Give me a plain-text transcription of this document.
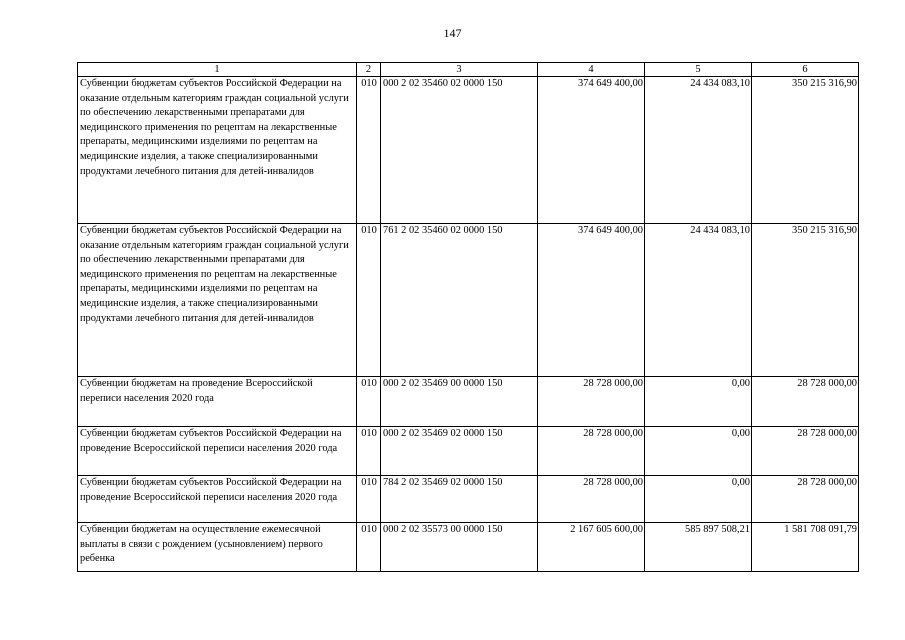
147
1	2	3	4	5	6
Субвенции бюджетам субъектов Российской Федерации на оказание отдельным категориям граждан социальной услуги по обеспечению лекарственными препаратами для медицинского применения по рецептам на лекарственные препараты, медицинскими изделиями по рецептам на медицинские изделия, а также специализированными продуктами лечебного питания для детей-инвалидов	010	000 2 02 35460 02 0000 150	374 649 400,00	24 434 083,10	350 215 316,90
Субвенции бюджетам субъектов Российской Федерации на оказание отдельным категориям граждан социальной услуги по обеспечению лекарственными препаратами для медицинского применения по рецептам на лекарственные препараты, медицинскими изделиями по рецептам на медицинские изделия, а также специализированными продуктами лечебного питания для детей-инвалидов	010	761 2 02 35460 02 0000 150	374 649 400,00	24 434 083,10	350 215 316,90
Субвенции бюджетам на проведение Всероссийской переписи населения 2020 года	010	000 2 02 35469 00 0000 150	28 728 000,00	0,00	28 728 000,00
Субвенции бюджетам субъектов Российской Федерации на проведение Всероссийской переписи населения 2020 года	010	000 2 02 35469 02 0000 150	28 728 000,00	0,00	28 728 000,00
Субвенции бюджетам субъектов Российской Федерации на проведение Всероссийской переписи населения 2020 года	010	784 2 02 35469 02 0000 150	28 728 000,00	0,00	28 728 000,00
Субвенции бюджетам на осуществление ежемесячной выплаты в связи с рождением (усыновлением) первого ребенка	010	000 2 02 35573 00 0000 150	2 167 605 600,00	585 897 508,21	1 581 708 091,79
